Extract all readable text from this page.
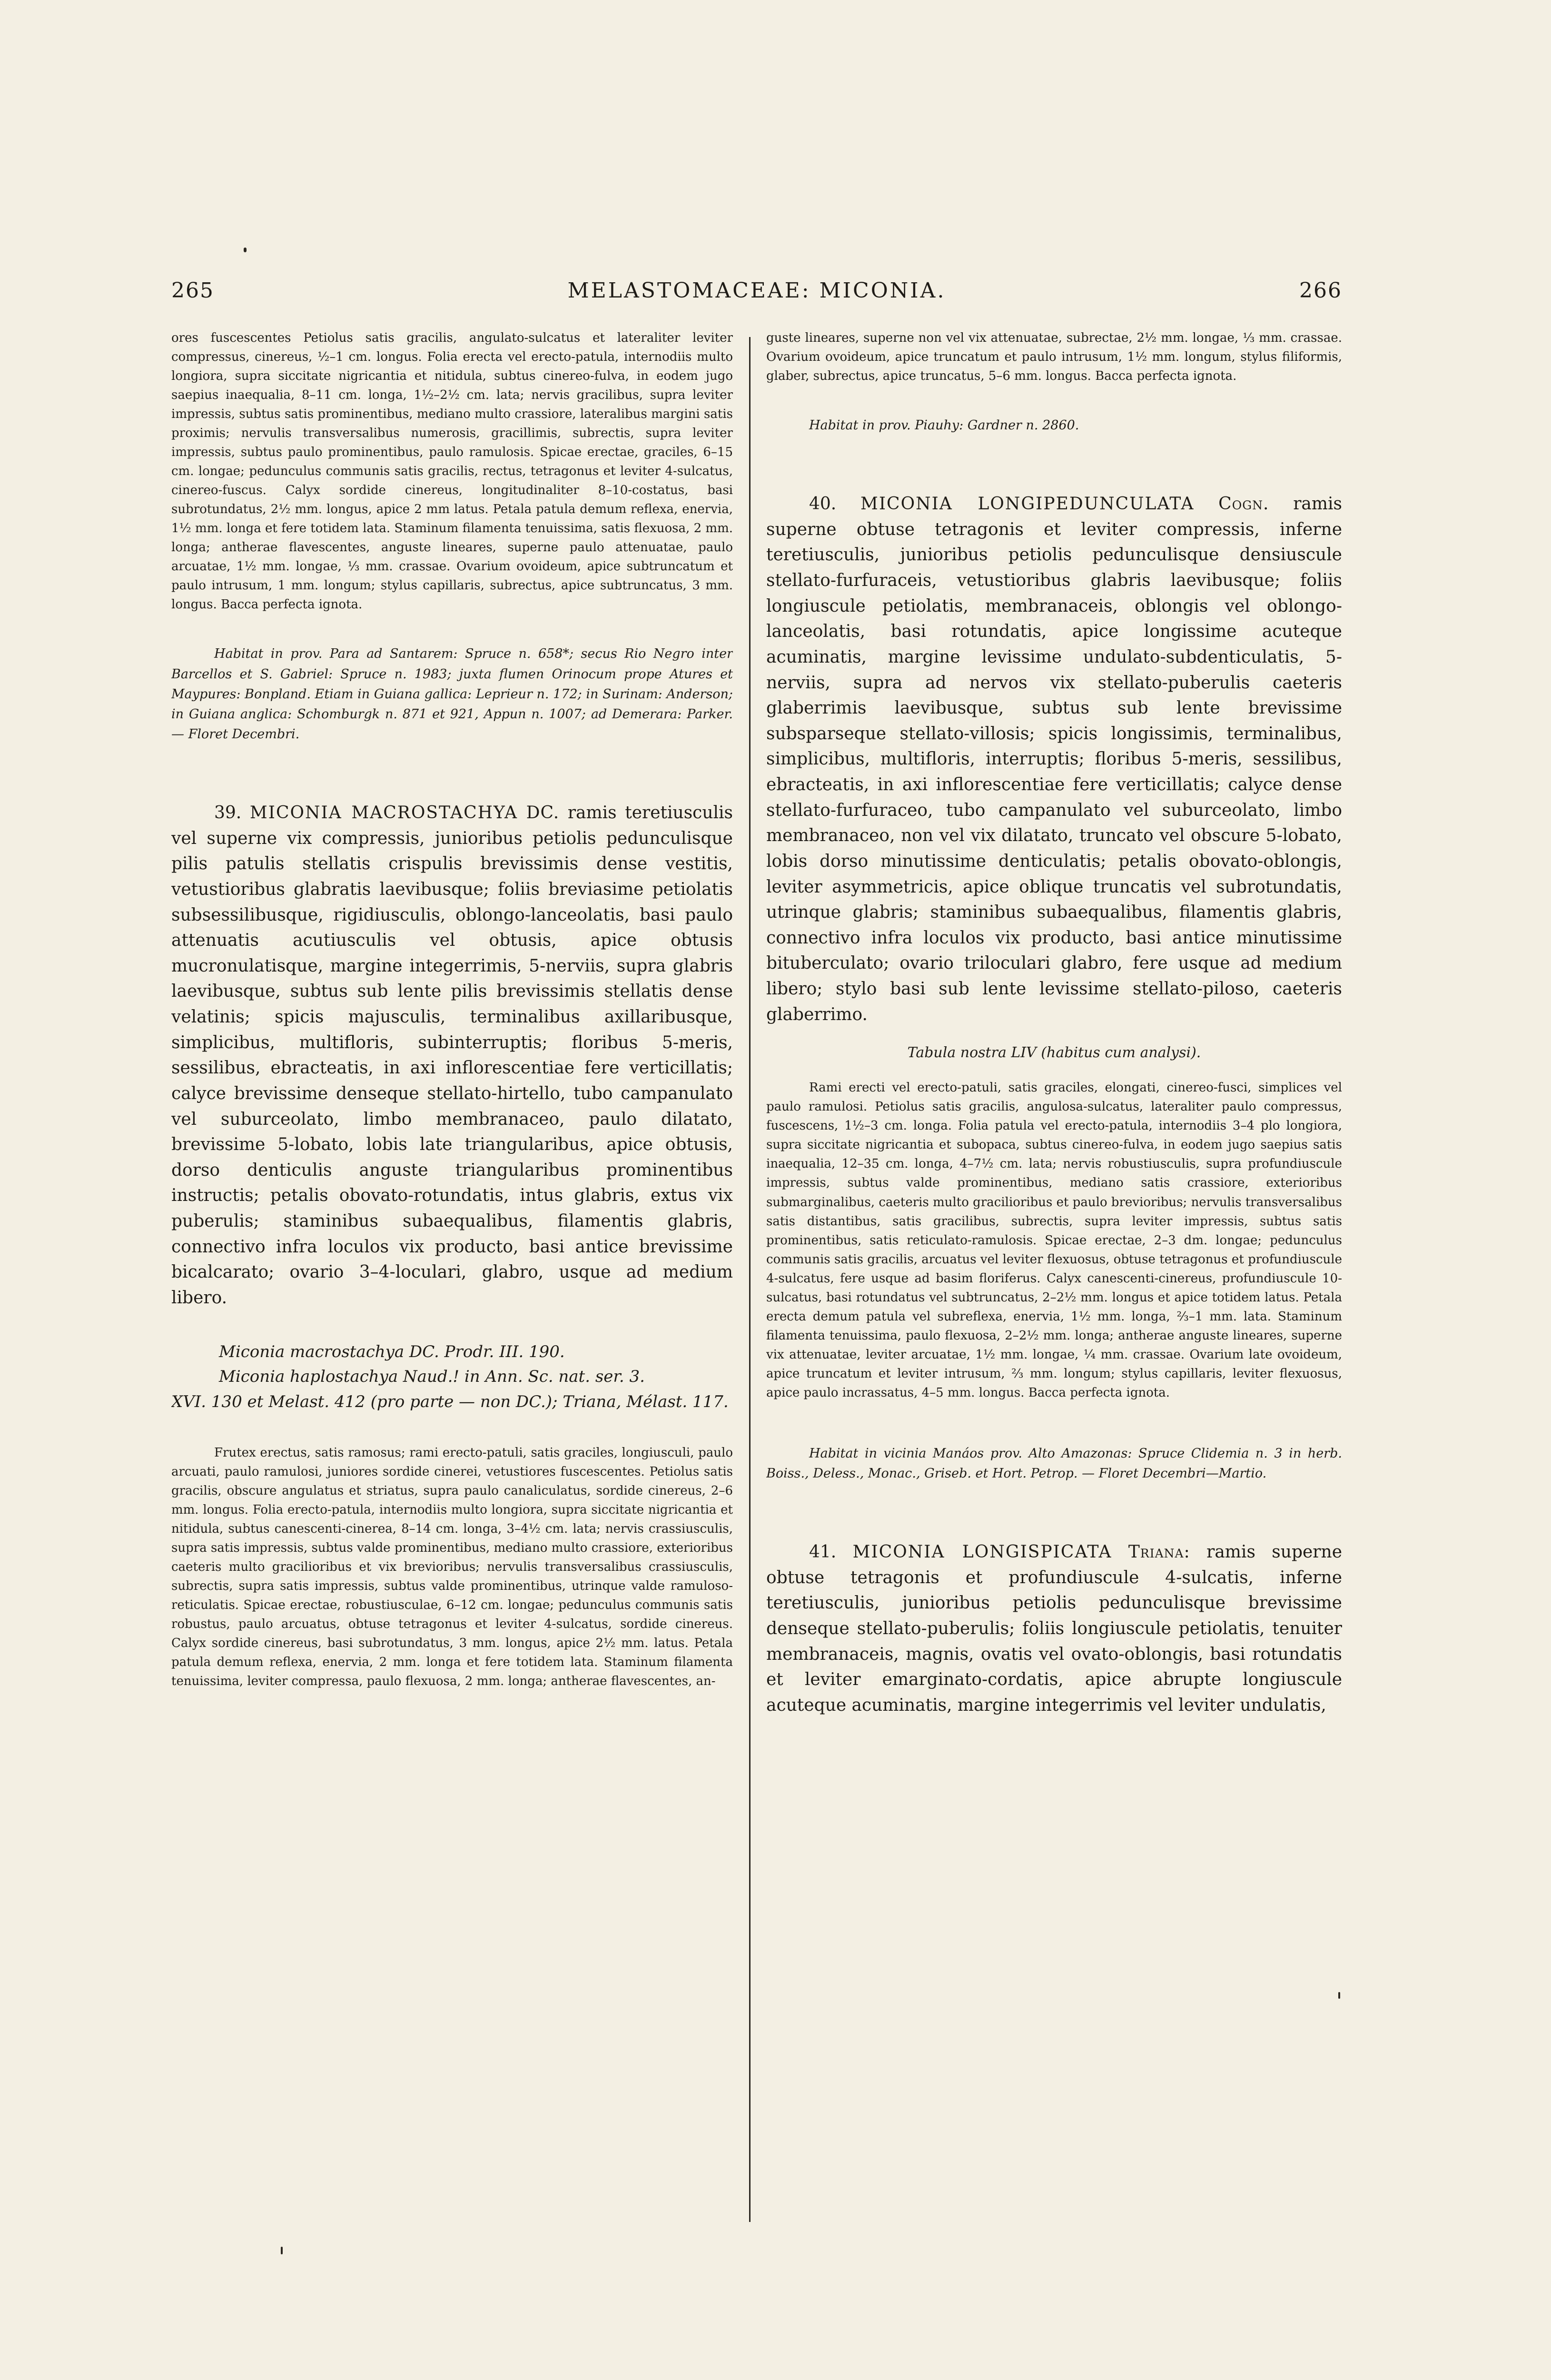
265	MELASTOMACEAE: MICONIA.	266

ores fuscescentes Petiolus satis gracilis, angulato-sulcatus et lateraliter leviter compressus, cinereus, ½–1 cm. longus. Folia erecta vel erecto-patula, internodiis multo longiora, supra siccitate nigricantia et nitidula, subtus cinereo-fulva, in eodem jugo saepius inaequalia, 8–11 cm. longa, 1½–2½ cm. lata; nervis gracilibus, supra leviter impressis, subtus satis prominentibus, mediano multo crassiore, lateralibus margini satis proximis; nervulis transversalibus numerosis, gracillimis, subrectis, supra leviter impressis, subtus paulo prominentibus, paulo ramulosis. Spicae erectae, graciles, 6–15 cm. longae; pedunculus communis satis gracilis, rectus, tetragonus et leviter 4-sulcatus, cinereo-fuscus. Calyx sordide cinereus, longitudinaliter 8–10-costatus, basi subrotundatus, 2½ mm. longus, apice 2 mm latus. Petala patula demum reflexa, enervia, 1½ mm. longa et fere totidem lata. Staminum filamenta tenuissima, satis flexuosa, 2 mm. longa; antherae flavescentes, anguste lineares, superne paulo attenuatae, paulo arcuatae, 1½ mm. longae, ⅓ mm. crassae. Ovarium ovoideum, apice subtruncatum et paulo intrusum, 1 mm. longum; stylus capillaris, subrectus, apice subtruncatus, 3 mm. longus. Bacca perfecta ignota.

Habitat in prov. Para ad Santarem: Spruce n. 658*; secus Rio Negro inter Barcellos et S. Gabriel: Spruce n. 1983; juxta flumen Orinocum prope Atures et Maypures: Bonpland. Etiam in Guiana gallica: Leprieur n. 172; in Surinam: Anderson; in Guiana anglica: Schomburgk n. 871 et 921, Appun n. 1007; ad Demerara: Parker. — Floret Decembri.

39. MICONIA MACROSTACHYA DC. ramis teretiusculis vel superne vix compressis, junioribus petiolis pedunculisque pilis patulis stellatis crispulis brevissimis dense vestitis, vetustioribus glabratis laevibusque; foliis breviasime petiolatis subsessilibusque, rigidiusculis, oblongo-lanceolatis, basi paulo attenuatis acutiusculis vel obtusis, apice obtusis mucronulatisque, margine integerrimis, 5-nerviis, supra glabris laevibusque, subtus sub lente pilis brevissimis stellatis dense velatinis; spicis majusculis, terminalibus axillaribusque, simplicibus, multifloris, subinterruptis; floribus 5-meris, sessilibus, ebracteatis, in axi inflorescentiae fere verticillatis; calyce brevissime denseque stellato-hirtello, tubo campanulato vel suburceolato, limbo membranaceo, paulo dilatato, brevissime 5-lobato, lobis late triangularibus, apice obtusis, dorso denticulis anguste triangularibus prominentibus instructis; petalis obovato-rotundatis, intus glabris, extus vix puberulis; staminibus subaequalibus, filamentis glabris, connectivo infra loculos vix producto, basi antice brevissime bicalcarato; ovario 3–4-loculari, glabro, usque ad medium libero.

Miconia macrostachya DC. Prodr. III. 190.
Miconia haplostachya Naud.! in Ann. Sc. nat. ser. 3.
XVI. 130 et Melast. 412 (pro parte — non DC.); Triana, Mélast. 117.

Frutex erectus, satis ramosus; rami erecto-patuli, satis graciles, longiusculi, paulo arcuati, paulo ramulosi, juniores sordide cinerei, vetustiores fuscescentes. Petiolus satis gracilis, obscure angulatus et striatus, supra paulo canaliculatus, sordide cinereus, 2–6 mm. longus. Folia erecto-patula, internodiis multo longiora, supra siccitate nigricantia et nitidula, subtus canescenti-cinerea, 8–14 cm. longa, 3–4½ cm. lata; nervis crassiusculis, supra satis impressis, subtus valde prominentibus, mediano multo crassiore, exterioribus caeteris multo gracilioribus et vix brevioribus; nervulis transversalibus crassiusculis, subrectis, supra satis impressis, subtus valde prominentibus, utrinque valde ramuloso-reticulatis. Spicae erectae, robustiusculae, 6–12 cm. longae; pedunculus communis satis robustus, paulo arcuatus, obtuse tetragonus et leviter 4-sulcatus, sordide cinereus. Calyx sordide cinereus, basi subrotundatus, 3 mm. longus, apice 2½ mm. latus. Petala patula demum reflexa, enervia, 2 mm. longa et fere totidem lata. Staminum filamenta tenuissima, leviter compressa, paulo flexuosa, 2 mm. longa; antherae flavescentes, an-

guste lineares, superne non vel vix attenuatae, subrectae, 2½ mm. longae, ⅓ mm. crassae. Ovarium ovoideum, apice truncatum et paulo intrusum, 1½ mm. longum, stylus filiformis, glaber, subrectus, apice truncatus, 5–6 mm. longus. Bacca perfecta ignota.

Habitat in prov. Piauhy: Gardner n. 2860.

40. MICONIA LONGIPEDUNCULATA Cogn. ramis superne obtuse tetragonis et leviter compressis, inferne teretiusculis, junioribus petiolis pedunculisque densiuscule stellato-furfuraceis, vetustioribus glabris laevibusque; foliis longiuscule petiolatis, membranaceis, oblongis vel oblongo-lanceolatis, basi rotundatis, apice longissime acuteque acuminatis, margine levissime undulato-subdenticulatis, 5-nerviis, supra ad nervos vix stellato-puberulis caeteris glaberrimis laevibusque, subtus sub lente brevissime subsparseque stellato-villosis; spicis longissimis, terminalibus, simplicibus, multifloris, interruptis; floribus 5-meris, sessilibus, ebracteatis, in axi inflorescentiae fere verticillatis; calyce dense stellato-furfuraceo, tubo campanulato vel suburceolato, limbo membranaceo, non vel vix dilatato, truncato vel obscure 5-lobato, lobis dorso minutissime denticulatis; petalis obovato-oblongis, leviter asymmetricis, apice oblique truncatis vel subrotundatis, utrinque glabris; staminibus subaequalibus, filamentis glabris, connectivo infra loculos vix producto, basi antice minutissime bituberculato; ovario triloculari glabro, fere usque ad medium libero; stylo basi sub lente levissime stellato-piloso, caeteris glaberrimo.

Tabula nostra LIV (habitus cum analysi).

Rami erecti vel erecto-patuli, satis graciles, elongati, cinereo-fusci, simplices vel paulo ramulosi. Petiolus satis gracilis, angulosa-sulcatus, lateraliter paulo compressus, fuscescens, 1½–3 cm. longa. Folia patula vel erecto-patula, internodiis 3–4 plo longiora, supra siccitate nigricantia et subopaca, subtus cinereo-fulva, in eodem jugo saepius satis inaequalia, 12–35 cm. longa, 4–7½ cm. lata; nervis robustiusculis, supra profundiuscule impressis, subtus valde prominentibus, mediano satis crassiore, exterioribus submarginalibus, caeteris multo gracilioribus et paulo brevioribus; nervulis transversalibus satis distantibus, satis gracilibus, subrectis, supra leviter impressis, subtus satis prominentibus, satis reticulato-ramulosis. Spicae erectae, 2–3 dm. longae; pedunculus communis satis gracilis, arcuatus vel leviter flexuosus, obtuse tetragonus et profundiuscule 4-sulcatus, fere usque ad basim floriferus. Calyx canescenti-cinereus, profundiuscule 10-sulcatus, basi rotundatus vel subtruncatus, 2–2½ mm. longus et apice totidem latus. Petala erecta demum patula vel subreflexa, enervia, 1½ mm. longa, ⅔–1 mm. lata. Staminum filamenta tenuissima, paulo flexuosa, 2–2½ mm. longa; antherae anguste lineares, superne vix attenuatae, leviter arcuatae, 1½ mm. longae, ¼ mm. crassae. Ovarium late ovoideum, apice truncatum et leviter intrusum, ⅔ mm. longum; stylus capillaris, leviter flexuosus, apice paulo incrassatus, 4–5 mm. longus. Bacca perfecta ignota.

Habitat in vicinia Manáos prov. Alto Amazonas: Spruce Clidemia n. 3 in herb. Boiss., Deless., Monac., Griseb. et Hort. Petrop. — Floret Decembri—Martio.

41. MICONIA LONGISPICATA Triana: ramis superne obtuse tetragonis et profundiuscule 4-sulcatis, inferne teretiusculis, junioribus petiolis pedunculisque brevissime denseque stellato-puberulis; foliis longiuscule petiolatis, tenuiter membranaceis, magnis, ovatis vel ovato-oblongis, basi rotundatis et leviter emarginato-cordatis, apice abrupte longiuscule acuteque acuminatis, margine integerrimis vel leviter undulatis,
